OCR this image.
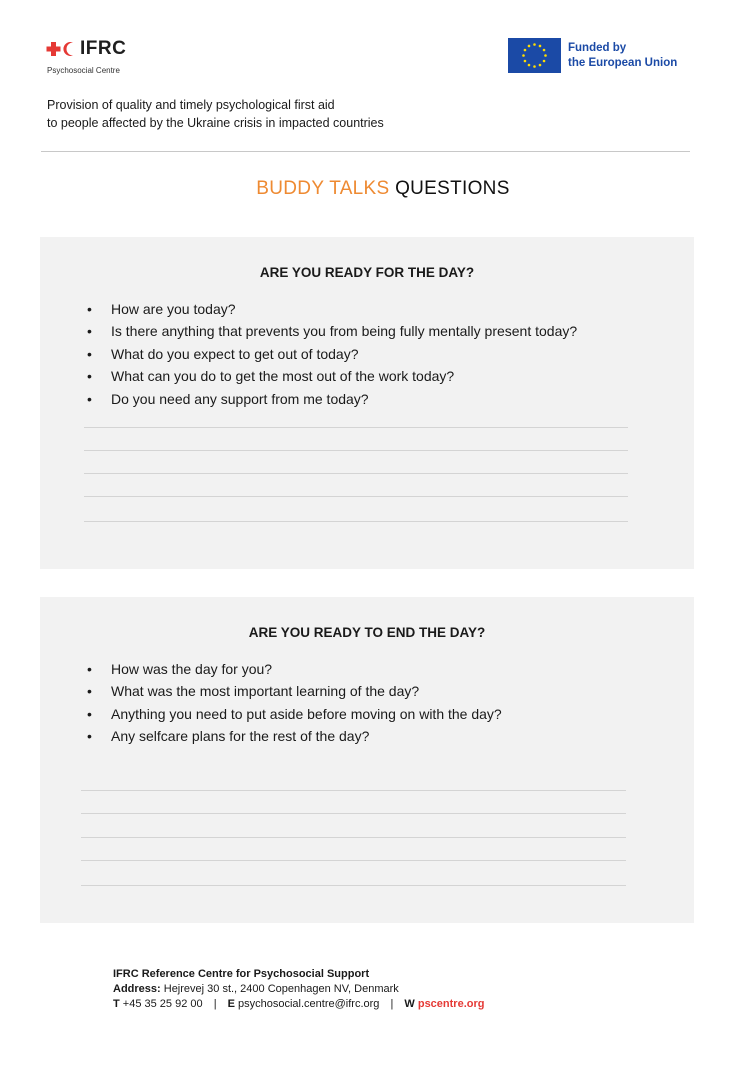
IFRC
Psychosocial Centre
Funded by
the European Union
Provision of quality and timely psychological first aid
to people affected by the Ukraine crisis in impacted countries
BUDDY TALKS QUESTIONS
ARE YOU READY FOR THE DAY?
• How are you today?
• Is there anything that prevents you from being fully mentally present today?
• What do you expect to get out of today?
• What can you do to get the most out of the work today?
• Do you need any support from me today?
ARE YOU READY TO END THE DAY?
• How was the day for you?
• What was the most important learning of the day?
• Anything you need to put aside before moving on with the day?
• Any selfcare plans for the rest of the day?
IFRC Reference Centre for Psychosocial Support
Address: Hejrevej 30 st., 2400 Copenhagen NV, Denmark
T +45 35 25 92 00 | E psychosocial.centre@ifrc.org | W pscentre.org
